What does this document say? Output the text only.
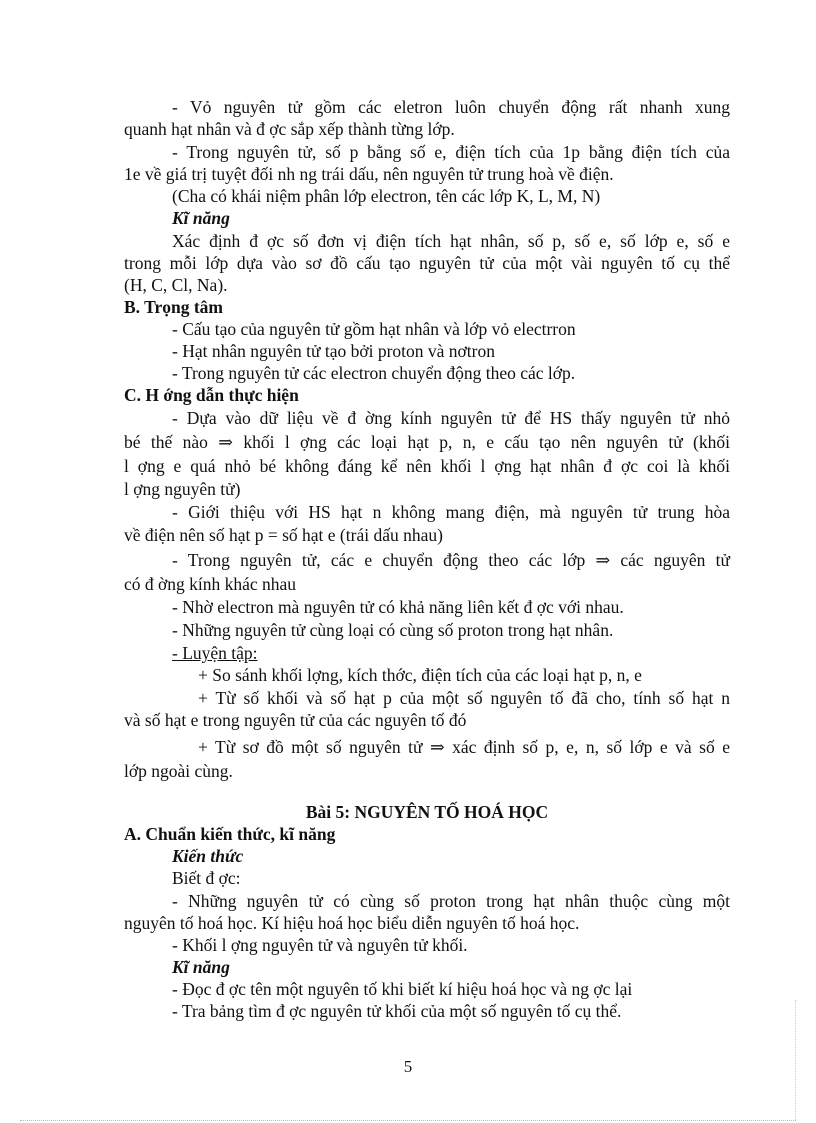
- Vỏ nguyên tử gồm các eletron luôn chuyển động rất nhanh xung
quanh hạt nhân và đ ợc sắp xếp thành từng lớp.
- Trong nguyên tử, số p bằng số e, điện tích của 1p bằng điện tích của
1e về giá trị tuyệt đối nh ng trái dấu, nên nguyên tử trung hoà về điện.
(Cha có khái niệm phân lớp electron, tên các lớp K, L, M, N)
Kĩ năng
Xác định đ ợc số đơn vị điện tích hạt nhân, số p, số e, số lớp e, số e
trong mỗi lớp dựa vào sơ đồ cấu tạo nguyên tử của một vài nguyên tố cụ thể
(H, C, Cl, Na).
B. Trọng tâm
- Cấu tạo của nguyên tử gồm hạt nhân và lớp vỏ electrron
- Hạt nhân nguyên tử tạo bởi proton và nơtron
- Trong nguyên tử các electron chuyển động theo các lớp.
C. H ớng dẫn thực hiện
- Dựa vào dữ liệu về đ ờng kính nguyên tử để HS thấy nguyên tử nhỏ
bé thế nào ⇒ khối l ợng các loại hạt p, n, e cấu tạo nên nguyên tử (khối
l ợng e quá nhỏ bé không đáng kể nên khối l ợng hạt nhân đ ợc coi là khối
l ợng nguyên tử)
- Giới thiệu với HS hạt n không mang điện, mà nguyên tử trung hòa
về điện nên số hạt p = số hạt e (trái dấu nhau)
- Trong nguyên tử, các e chuyển động theo các lớp ⇒ các nguyên tử
có đ ờng kính khác nhau
- Nhờ electron mà nguyên tử có khả năng liên kết đ ợc với nhau.
- Những nguyên tử cùng loại có cùng số proton trong hạt nhân.
- Luyện tập:
+ So sánh khối lợng, kích thớc, điện tích của các loại hạt p, n, e
+ Từ số khối và số hạt p của một số nguyên tố đã cho, tính số hạt n
và số hạt e trong nguyên tử của các nguyên tố đó
+ Từ sơ đồ một số nguyên tử ⇒ xác định số p, e, n, số lớp e và số e
lớp ngoài cùng.
Bài 5: NGUYÊN TỐ HOÁ HỌC
A. Chuẩn kiến thức, kĩ năng
Kiến thức
Biết đ ợc:
- Những nguyên tử có cùng số proton trong hạt nhân thuộc cùng một
nguyên tố hoá học. Kí hiệu hoá học biểu diễn nguyên tố hoá học.
- Khối l ợng nguyên tử và nguyên tử khối.
Kĩ năng
- Đọc đ ợc tên một nguyên tố khi biết kí hiệu hoá học và ng ợc lại
- Tra bảng tìm đ ợc nguyên tử khối của một số nguyên tố cụ thể.
5
